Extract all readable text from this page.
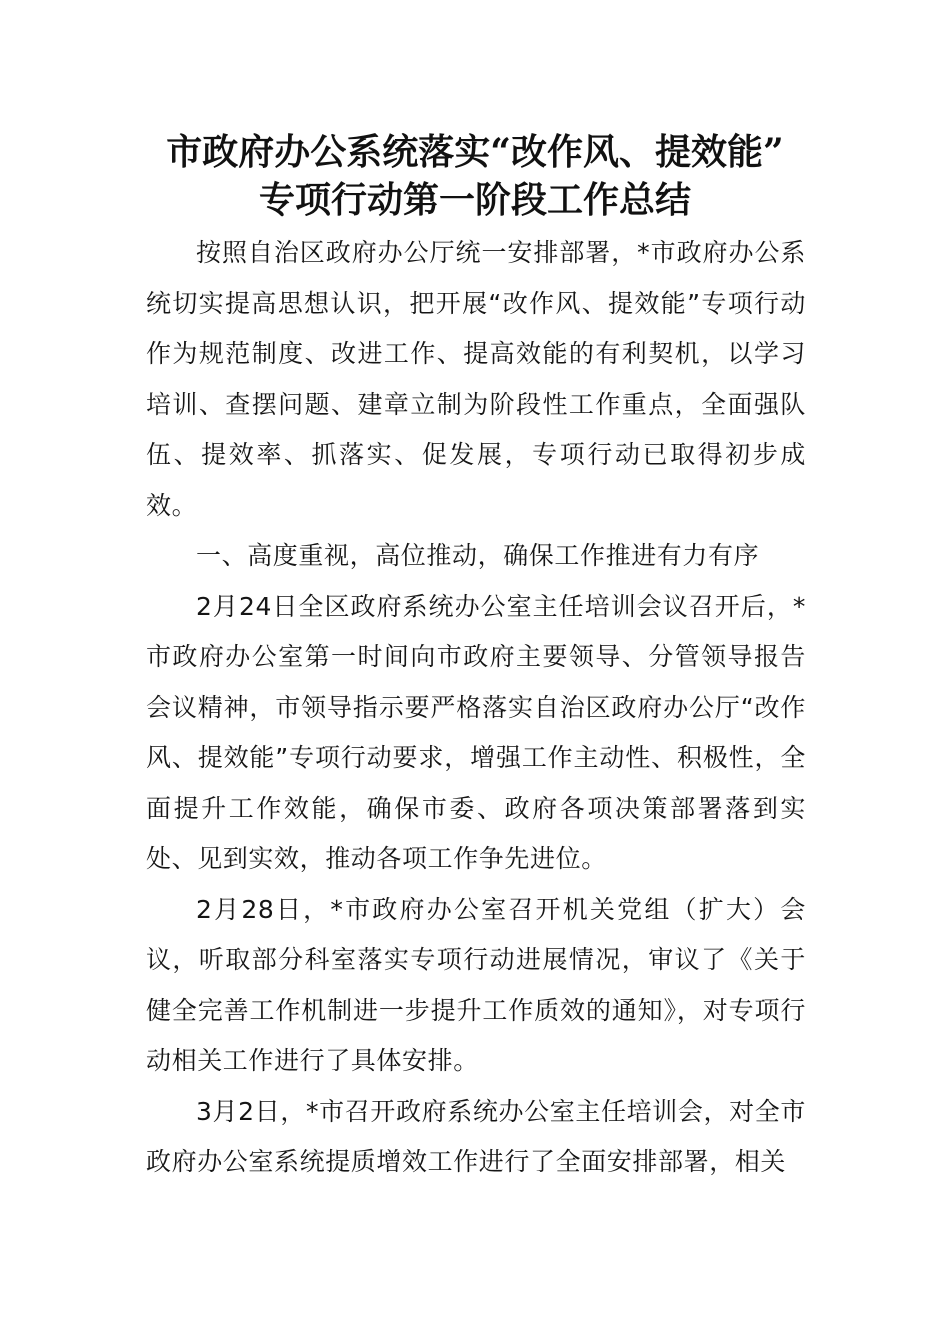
市政府办公系统落实“改作风、提效能”
专项行动第一阶段工作总结

按照自治区政府办公厅统一安排部署，*市政府办公系统切实提高思想认识，把开展“改作风、提效能”专项行动作为规范制度、改进工作、提高效能的有利契机，以学习培训、查摆问题、建章立制为阶段性工作重点，全面强队伍、提效率、抓落实、促发展，专项行动已取得初步成效。

一、高度重视，高位推动，确保工作推进有力有序

2月24日全区政府系统办公室主任培训会议召开后，*市政府办公室第一时间向市政府主要领导、分管领导报告会议精神，市领导指示要严格落实自治区政府办公厅“改作风、提效能”专项行动要求，增强工作主动性、积极性，全面提升工作效能，确保市委、政府各项决策部署落到实处、见到实效，推动各项工作争先进位。

2月28日，*市政府办公室召开机关党组（扩大）会议，听取部分科室落实专项行动进展情况，审议了《关于健全完善工作机制进一步提升工作质效的通知》，对专项行动相关工作进行了具体安排。

3月2日，*市召开政府系统办公室主任培训会，对全市政府办公室系统提质增效工作进行了全面安排部署，相关
